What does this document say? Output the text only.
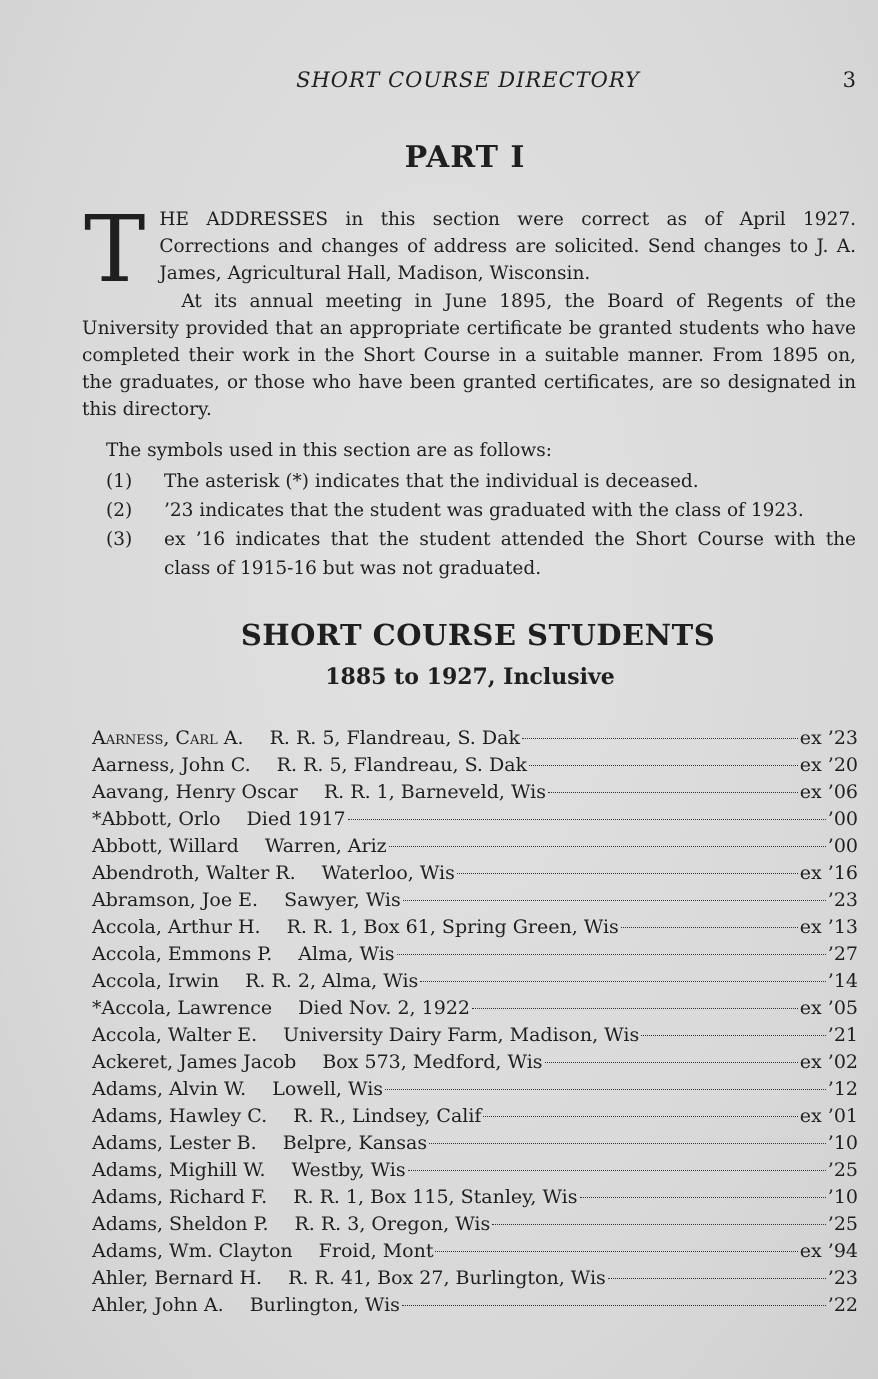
SHORT COURSE DIRECTORY	3
PART I
T HE ADDRESSES in this section were correct as of April 1927. Corrections and changes of address are solicited. Send changes to J. A. James, Agricultural Hall, Madison, Wisconsin.

At its annual meeting in June 1895, the Board of Regents of the University provided that an appropriate certificate be granted students who have completed their work in the Short Course in a suitable manner. From 1895 on, the graduates, or those who have been granted certificates, are so designated in this directory.

The symbols used in this section are as follows:
(1) The asterisk (*) indicates that the individual is deceased.
(2) ’23 indicates that the student was graduated with the class of 1923.
(3) ex ’16 indicates that the student attended the Short Course with the class of 1915-16 but was not graduated.
SHORT COURSE STUDENTS
1885 to 1927, Inclusive
Aarness, Carl A. R. R. 5, Flandreau, S. Dak	ex ’23
Aarness, John C. R. R. 5, Flandreau, S. Dak	ex ’20
Aavang, Henry Oscar R. R. 1, Barneveld, Wis	ex ’06
*Abbott, Orlo Died 1917	’00
Abbott, Willard Warren, Ariz	’00
Abendroth, Walter R. Waterloo, Wis	ex ’16
Abramson, Joe E. Sawyer, Wis	’23
Accola, Arthur H. R. R. 1, Box 61, Spring Green, Wis	ex ’13
Accola, Emmons P. Alma, Wis	’27
Accola, Irwin R. R. 2, Alma, Wis	’14
*Accola, Lawrence Died Nov. 2, 1922	ex ’05
Accola, Walter E. University Dairy Farm, Madison, Wis	’21
Ackeret, James Jacob Box 573, Medford, Wis	ex ’02
Adams, Alvin W. Lowell, Wis	’12
Adams, Hawley C. R. R., Lindsey, Calif	ex ’01
Adams, Lester B. Belpre, Kansas	’10
Adams, Mighill W. Westby, Wis	’25
Adams, Richard F. R. R. 1, Box 115, Stanley, Wis	’10
Adams, Sheldon P. R. R. 3, Oregon, Wis	’25
Adams, Wm. Clayton Froid, Mont	ex ’94
Ahler, Bernard H. R. R. 41, Box 27, Burlington, Wis	’23
Ahler, John A. Burlington, Wis	’22
